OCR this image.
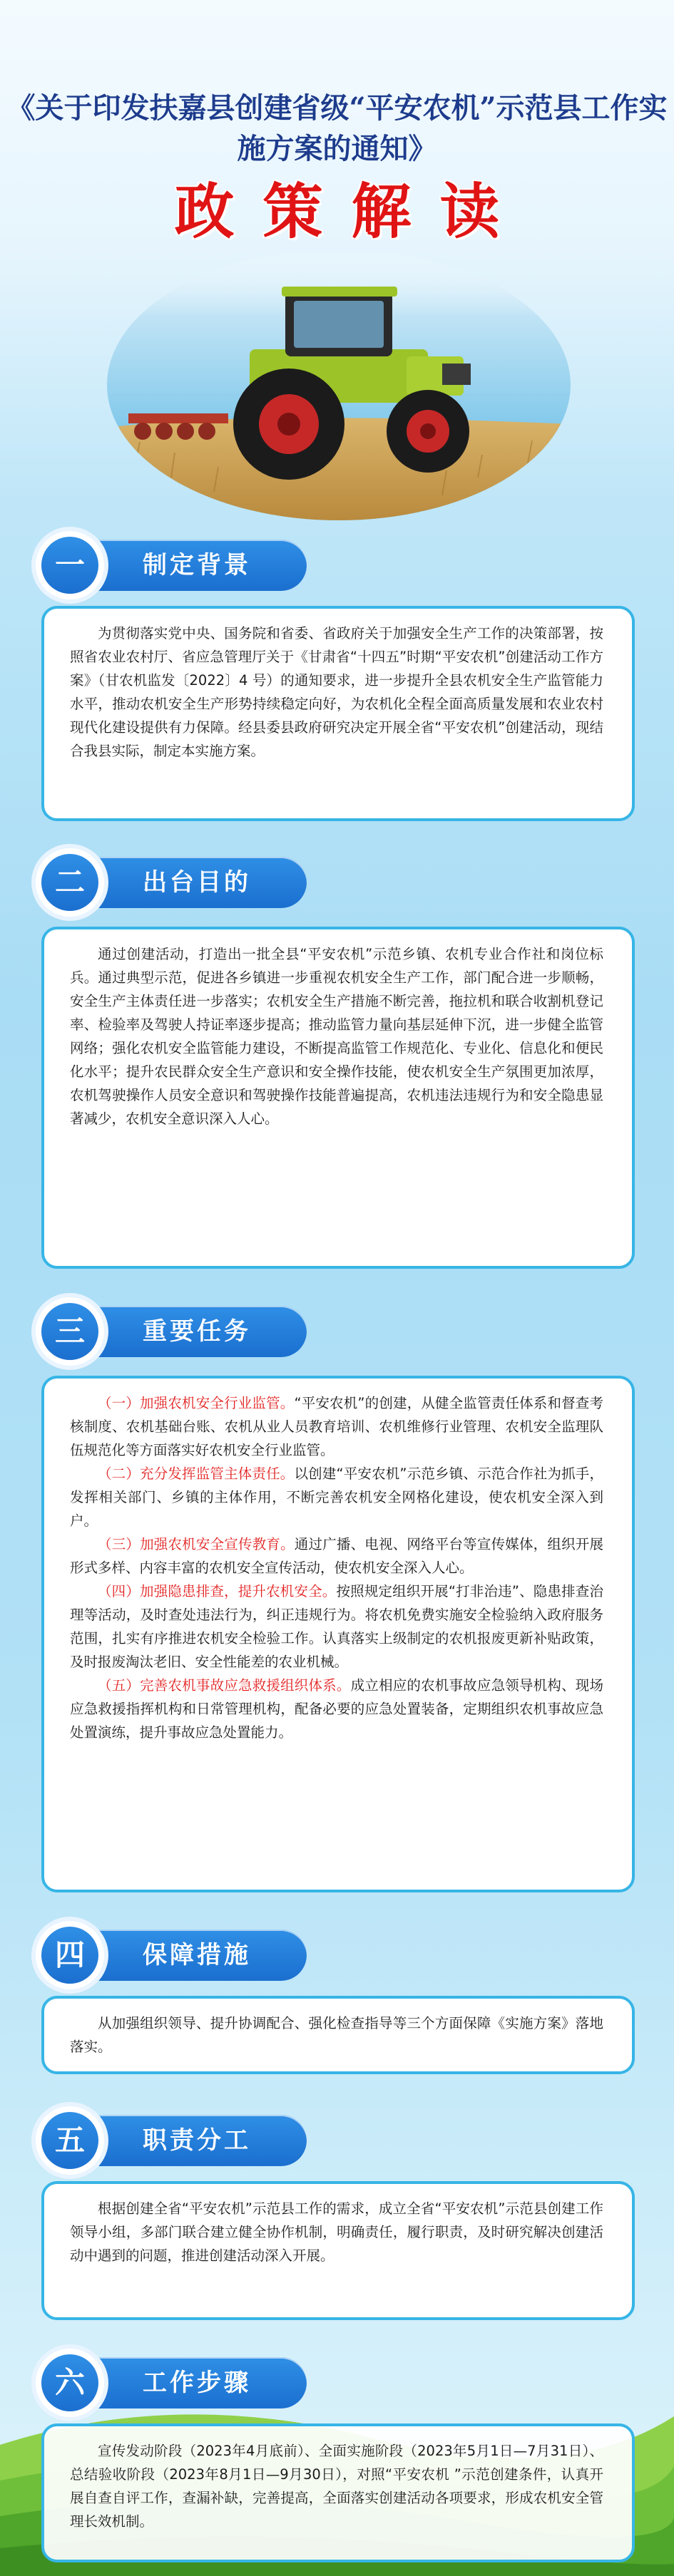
《关于印发扶嘉县创建省级“平安农机”示范县工作实施方案的通知》
政策解读
制定背景
一

为贯彻落实党中央、国务院和省委、省政府关于加强安全生产工作的决策部署，按照省农业农村厅、省应急管理厅关于《甘肃省“十四五”时期“平安农机”创建活动工作方案》（甘农机监发〔2022〕4 号）的通知要求，进一步提升全县农机安全生产监管能力水平，推动农机安全生产形势持续稳定向好，为农机化全程全面高质量发展和农业农村现代化建设提供有力保障。经县委县政府研究决定开展全省“平安农机”创建活动，现结合我县实际，制定本实施方案。

出台目的
二

通过创建活动，打造出一批全县“平安农机”示范乡镇、农机专业合作社和岗位标兵。通过典型示范，促进各乡镇进一步重视农机安全生产工作，部门配合进一步顺畅，安全生产主体责任进一步落实；农机安全生产措施不断完善，拖拉机和联合收割机登记率、检验率及驾驶人持证率逐步提高；推动监管力量向基层延伸下沉，进一步健全监管网络；强化农机安全监管能力建设，不断提高监管工作规范化、专业化、信息化和便民化水平；提升农民群众安全生产意识和安全操作技能，使农机安全生产氛围更加浓厚，农机驾驶操作人员安全意识和驾驶操作技能普遍提高，农机违法违规行为和安全隐患显著减少，农机安全意识深入人心。

重要任务
三

（一）加强农机安全行业监管。“平安农机”的创建，从健全监管责任体系和督查考核制度、农机基础台账、农机从业人员教育培训、农机维修行业管理、农机安全监理队伍规范化等方面落实好农机安全行业监管。

（二）充分发挥监管主体责任。以创建“平安农机”示范乡镇、示范合作社为抓手，发挥相关部门、乡镇的主体作用，不断完善农机安全网格化建设，使农机安全深入到户。

（三）加强农机安全宣传教育。通过广播、电视、网络平台等宣传媒体，组织开展形式多样、内容丰富的农机安全宣传活动，使农机安全深入人心。

（四）加强隐患排查，提升农机安全。按照规定组织开展“打非治违”、隐患排查治理等活动，及时查处违法行为，纠正违规行为。将农机免费实施安全检验纳入政府服务范围，扎实有序推进农机安全检验工作。认真落实上级制定的农机报废更新补贴政策，及时报废淘汰老旧、安全性能差的农业机械。

（五）完善农机事故应急救援组织体系。成立相应的农机事故应急领导机构、现场应急救援指挥机构和日常管理机构，配备必要的应急处置装备，定期组织农机事故应急处置演练，提升事故应急处置能力。

保障措施
四

从加强组织领导、提升协调配合、强化检查指导等三个方面保障《实施方案》落地落实。

职责分工
五

根据创建全省“平安农机”示范县工作的需求，成立全省“平安农机”示范县创建工作领导小组，多部门联合建立健全协作机制，明确责任，履行职责，及时研究解决创建活动中遇到的问题，推进创建活动深入开展。

工作步骤
六

宣传发动阶段（2023年4月底前）、全面实施阶段（2023年5月1日—7月31日）、总结验收阶段（2023年8月1日—9月30日），对照“平安农机 ”示范创建条件，认真开展自查自评工作，查漏补缺，完善提高，全面落实创建活动各项要求，形成农机安全管理长效机制。
